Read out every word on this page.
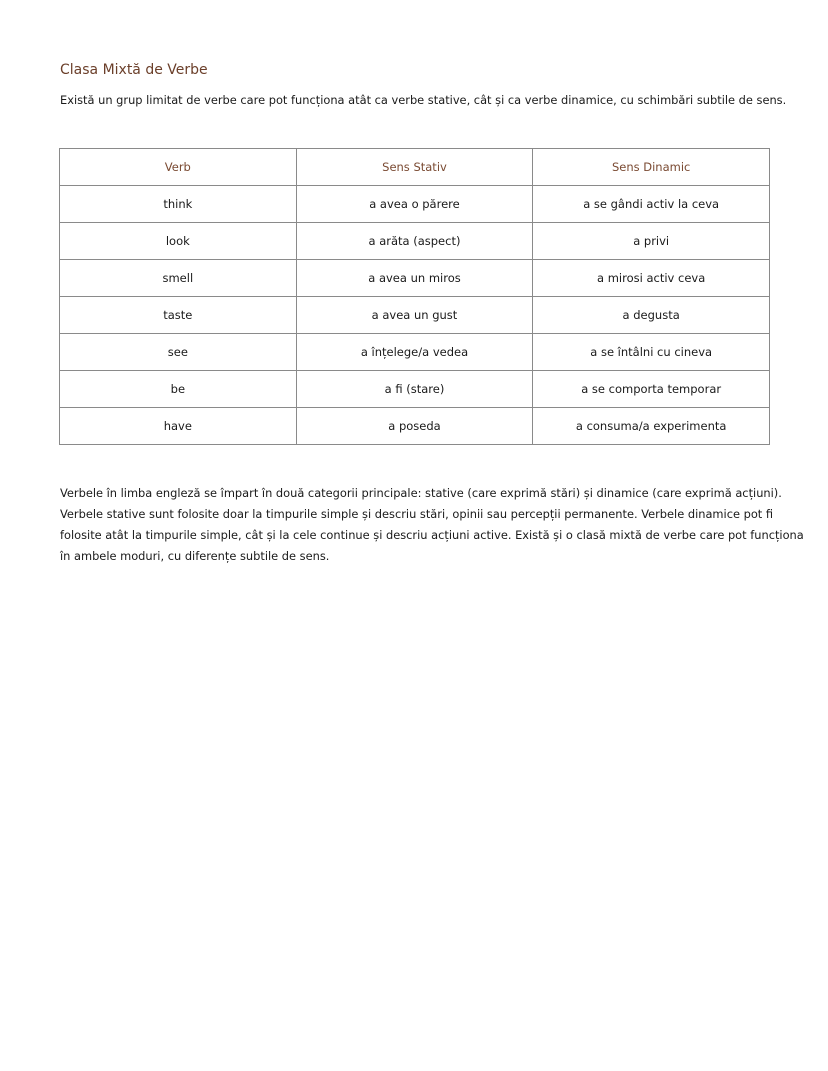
Clasa Mixtă de Verbe

Există un grup limitat de verbe care pot funcționa atât ca verbe stative, cât și ca verbe dinamice, cu schimbări subtile de sens.

Verb	Sens Stativ	Sens Dinamic
think	a avea o părere	a se gândi activ la ceva
look	a arăta (aspect)	a privi
smell	a avea un miros	a mirosi activ ceva
taste	a avea un gust	a degusta
see	a înțelege/a vedea	a se întâlni cu cineva
be	a fi (stare)	a se comporta temporar
have	a poseda	a consuma/a experimenta

Verbele în limba engleză se împart în două categorii principale: stative (care exprimă stări) și dinamice (care exprimă acțiuni).
Verbele stative sunt folosite doar la timpurile simple și descriu stări, opinii sau percepții permanente. Verbele dinamice pot fi
folosite atât la timpurile simple, cât și la cele continue și descriu acțiuni active. Există și o clasă mixtă de verbe care pot funcționa
în ambele moduri, cu diferențe subtile de sens.
